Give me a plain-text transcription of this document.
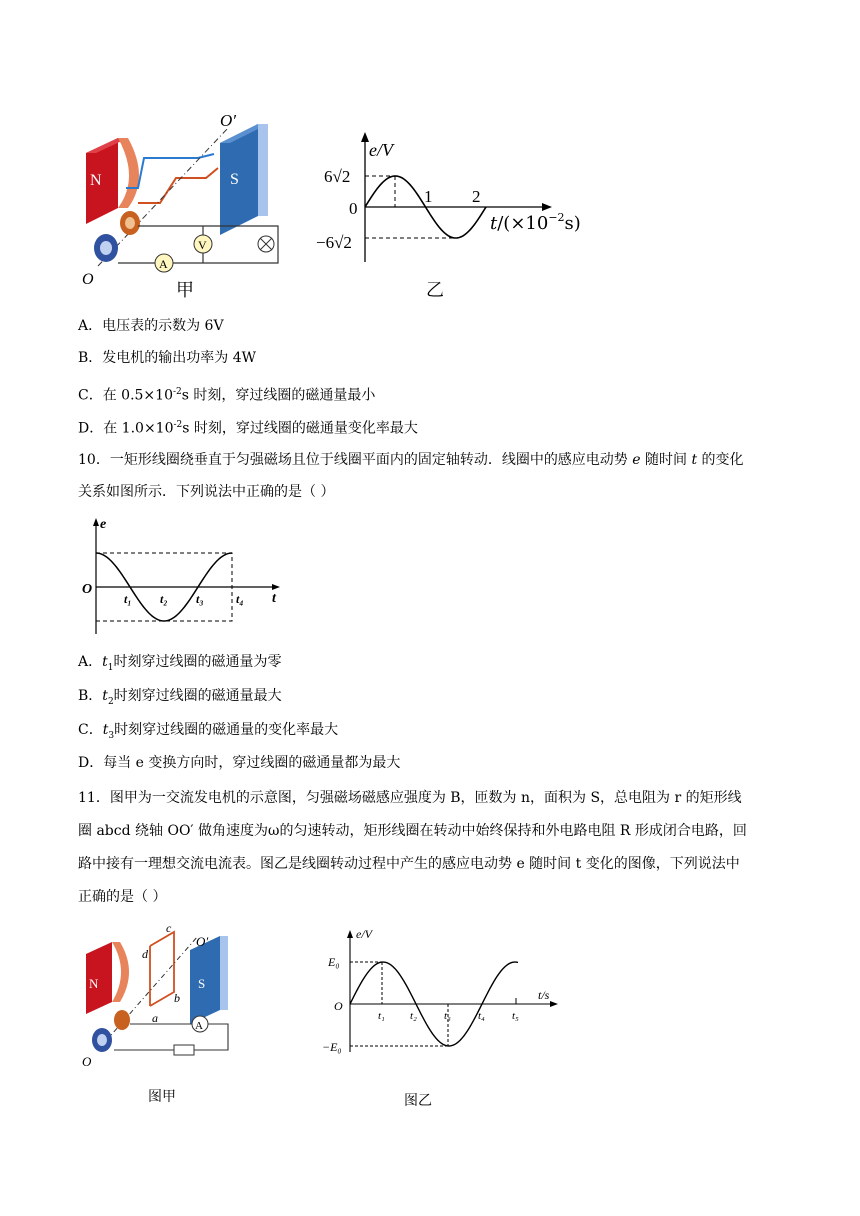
N	S
O′
O
A
V
甲
e/V
6√2
−6√2
0
1 2
$t/(\times 10^{-2}s)$
乙
A．电压表的示数为 6V
B．发电机的输出功率为 4W
C．在 $0.5\times 10^{-2}s$ 时刻，穿过线圈的磁通量最小
D．在 $1.0\times 10^{-2}s$ 时刻，穿过线圈的磁通量变化率最大
10．一矩形线圈绕垂直于匀强磁场且位于线圈平面内的固定轴转动．线圈中的感应电动势 e 随时间 t 的变化
关系如图所示．下列说法中正确的是（ ）
e
O
t
t₁ t₂ t₃	t₄
A．$t_1$时刻穿过线圈的磁通量为零
B．$t_2$时刻穿过线圈的磁通量最大
C．$t_3$时刻穿过线圈的磁通量的变化率最大
D．每当 e 变换方向时，穿过线圈的磁通量都为最大
11．图甲为一交流发电机的示意图，匀强磁场磁感应强度为 B，匝数为 n，面积为 S，总电阻为 r 的矩形线
圈 abcd 绕轴 OO′ 做角速度为ω的匀速转动，矩形线圈在转动中始终保持和外电路电阻 R 形成闭合电路，回
路中接有一理想交流电流表。图乙是线圈转动过程中产生的感应电动势 e 随时间 t 变化的图像，下列说法中
正确的是（ ）
N	S
c
d
b
a
O′
O
A
图甲
e/V
t/s
E₀
−E₀
O
t₁ t₂ t₃ t₄ t₅
图乙
